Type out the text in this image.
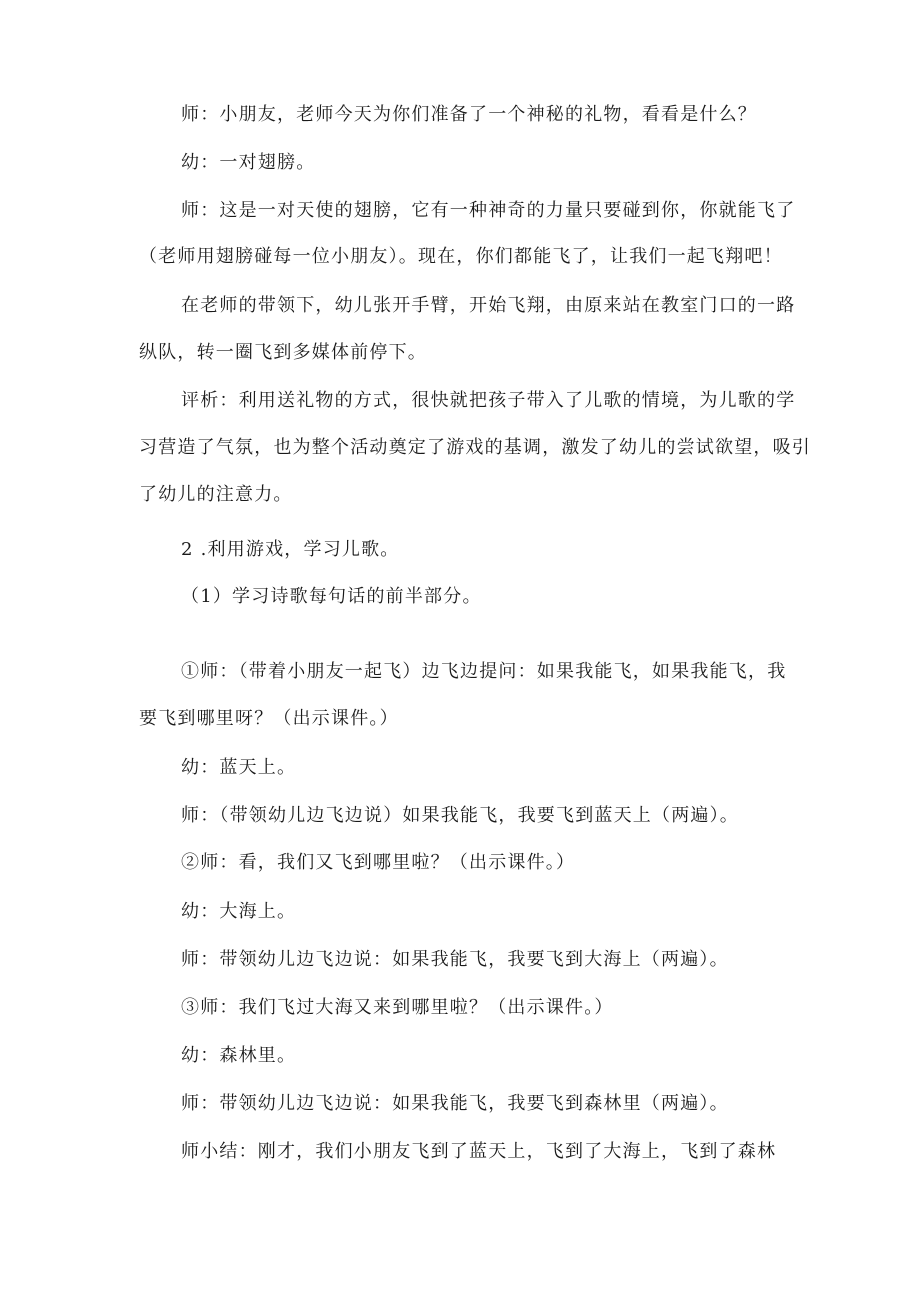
师：小朋友，老师今天为你们准备了一个神秘的礼物，看看是什么？
幼：一对翅膀。
师：这是一对天使的翅膀，它有一种神奇的力量只要碰到你，你就能飞了
（老师用翅膀碰每一位小朋友）。现在，你们都能飞了，让我们一起飞翔吧！
在老师的带领下，幼儿张开手臂，开始飞翔，由原来站在教室门口的一路
纵队，转一圈飞到多媒体前停下。
评析：利用送礼物的方式，很快就把孩子带入了儿歌的情境，为儿歌的学
习营造了气氛，也为整个活动奠定了游戏的基调，激发了幼儿的尝试欲望，吸引
了幼儿的注意力。
2 .利用游戏，学习儿歌。
（1）学习诗歌每句话的前半部分。
①师：（带着小朋友一起飞）边飞边提问：如果我能飞，如果我能飞，我
要飞到哪里呀？（出示课件。）
幼：蓝天上。
师：（带领幼儿边飞边说）如果我能飞，我要飞到蓝天上（两遍）。
②师：看，我们又飞到哪里啦？（出示课件。）
幼：大海上。
师：带领幼儿边飞边说：如果我能飞，我要飞到大海上（两遍）。
③师：我们飞过大海又来到哪里啦？（出示课件。）
幼：森林里。
师：带领幼儿边飞边说：如果我能飞，我要飞到森林里（两遍）。
师小结：刚才，我们小朋友飞到了蓝天上，飞到了大海上，飞到了森林
